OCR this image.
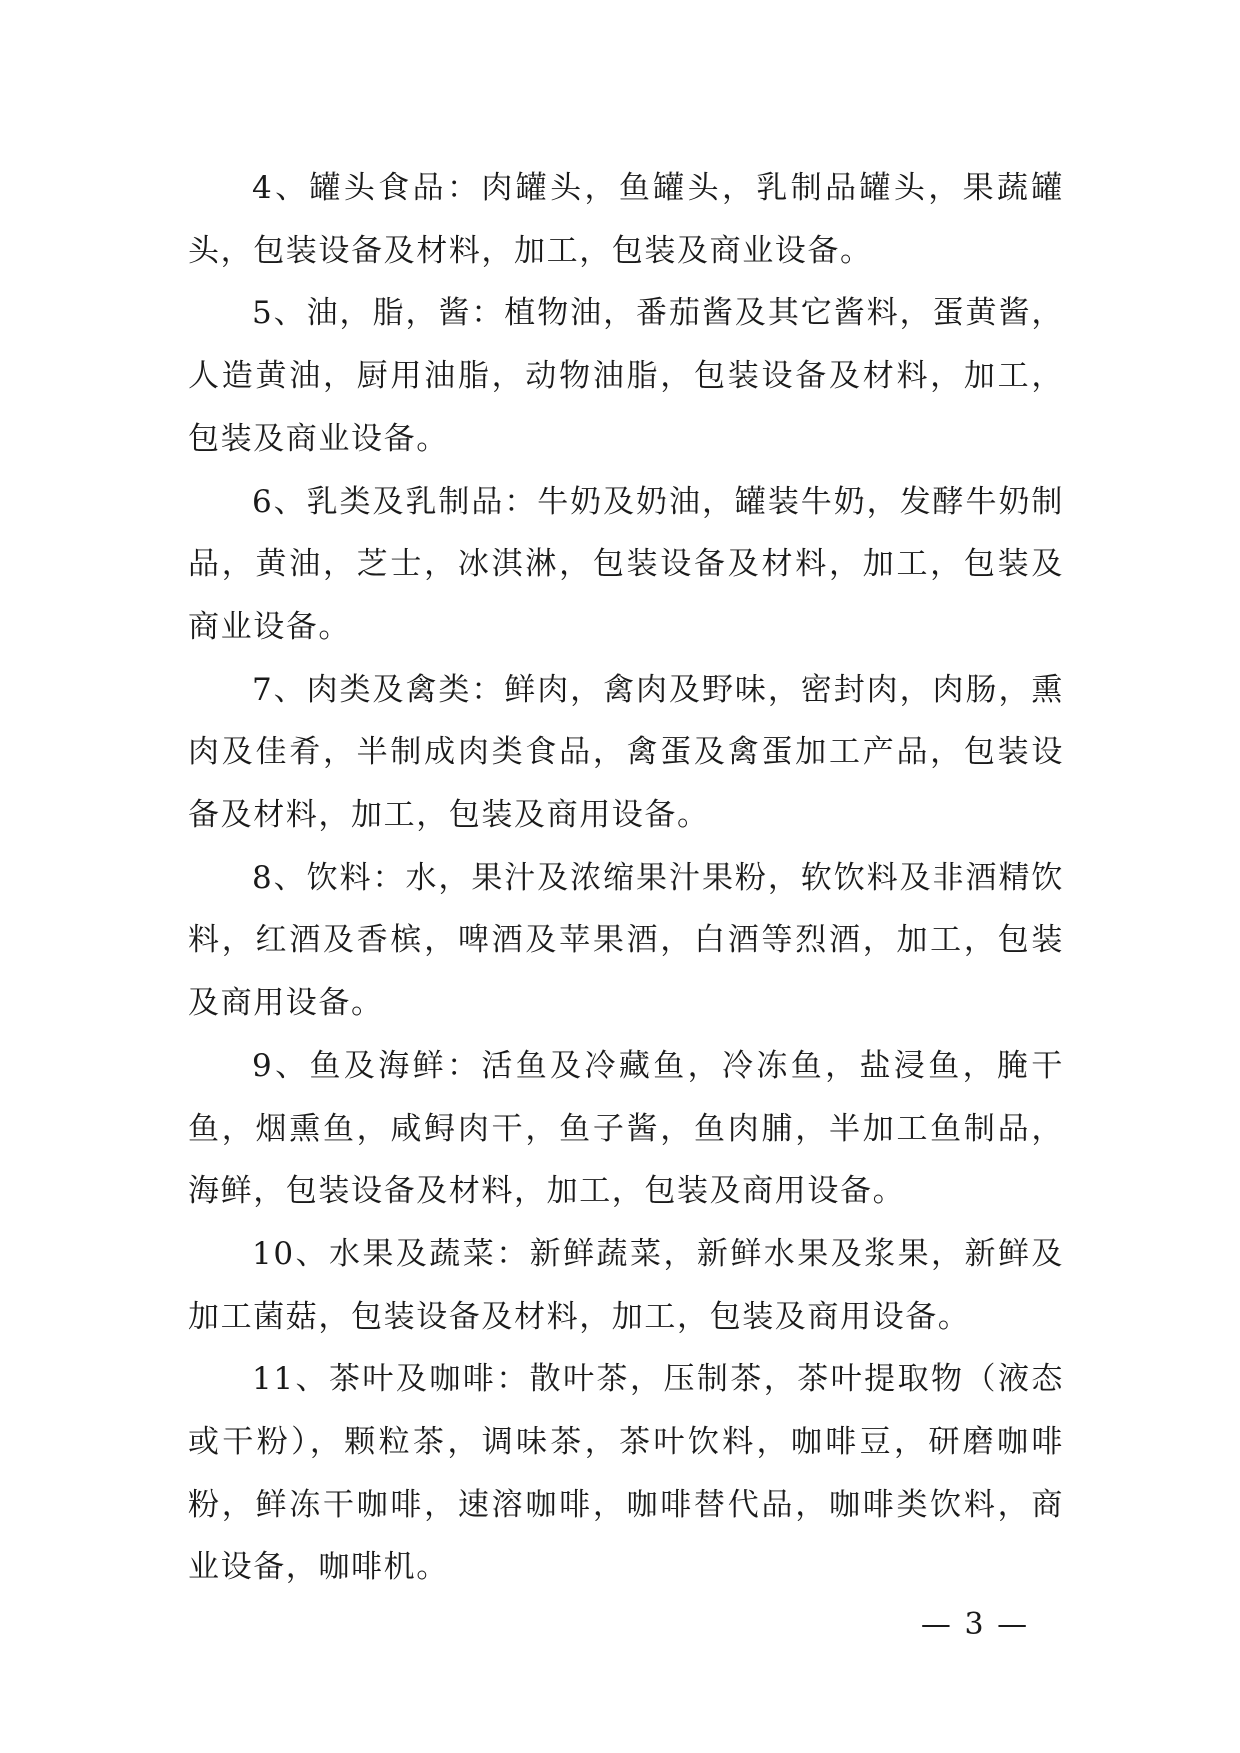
4、罐头食品：肉罐头，鱼罐头，乳制品罐头，果蔬罐头，包装设备及材料，加工，包装及商业设备。

5、油，脂，酱：植物油，番茄酱及其它酱料，蛋黄酱，人造黄油，厨用油脂，动物油脂，包装设备及材料，加工，包装及商业设备。

6、乳类及乳制品：牛奶及奶油，罐装牛奶，发酵牛奶制品，黄油，芝士，冰淇淋，包装设备及材料，加工，包装及商业设备。

7、肉类及禽类：鲜肉，禽肉及野味，密封肉，肉肠，熏肉及佳肴，半制成肉类食品，禽蛋及禽蛋加工产品，包装设备及材料，加工，包装及商用设备。

8、饮料：水，果汁及浓缩果汁果粉，软饮料及非酒精饮料，红酒及香槟，啤酒及苹果酒，白酒等烈酒，加工，包装及商用设备。

9、鱼及海鲜：活鱼及冷藏鱼，冷冻鱼，盐浸鱼，腌干鱼，烟熏鱼，咸鲟肉干，鱼子酱，鱼肉脯，半加工鱼制品，海鲜，包装设备及材料，加工，包装及商用设备。

10、水果及蔬菜：新鲜蔬菜，新鲜水果及浆果，新鲜及加工菌菇，包装设备及材料，加工，包装及商用设备。

11、茶叶及咖啡：散叶茶，压制茶，茶叶提取物（液态或干粉），颗粒茶，调味茶，茶叶饮料，咖啡豆，研磨咖啡粉，鲜冻干咖啡，速溶咖啡，咖啡替代品，咖啡类饮料，商业设备，咖啡机。

— 3 —
